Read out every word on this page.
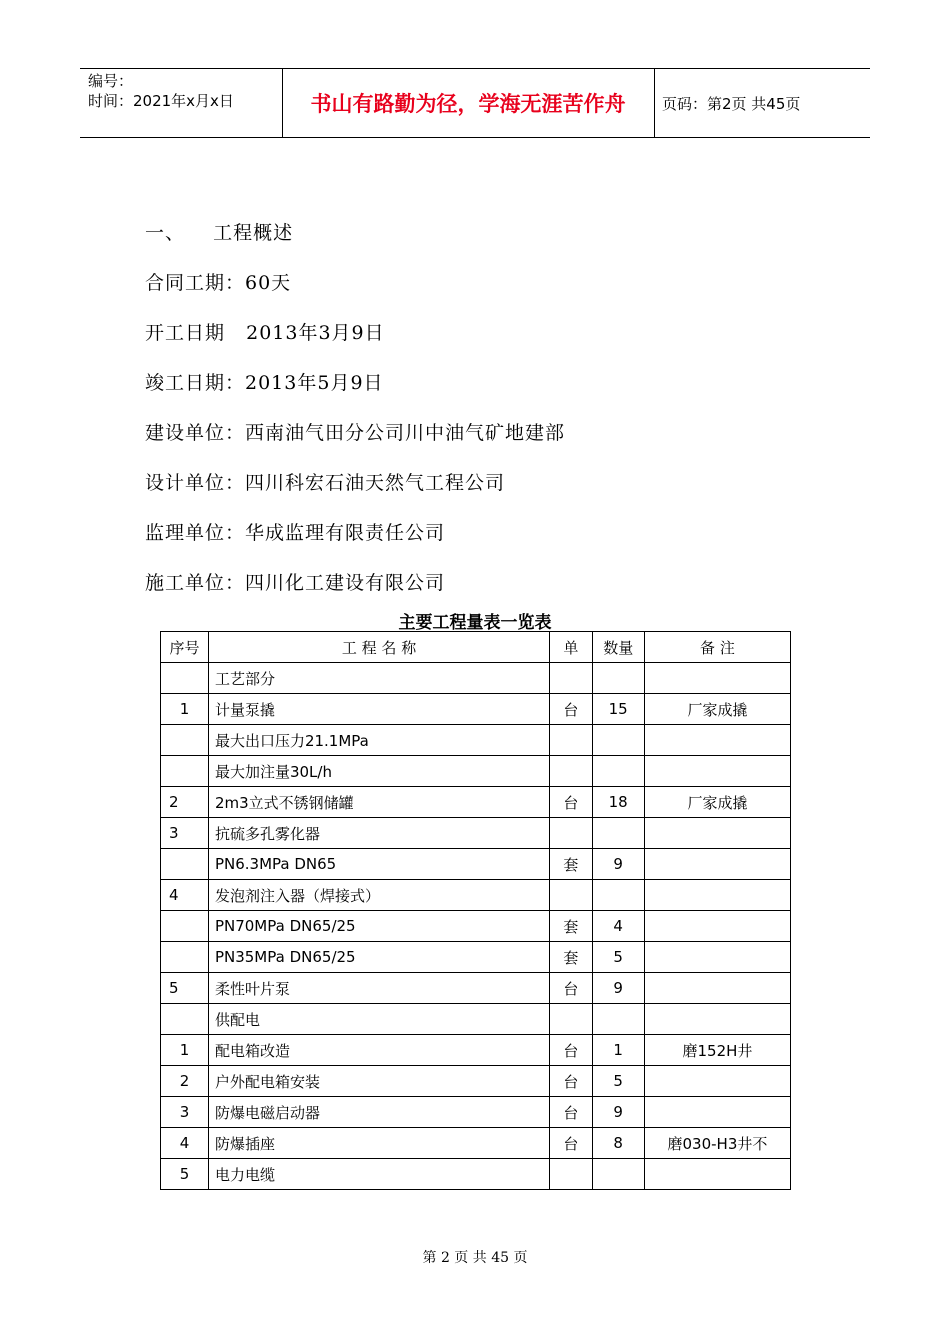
编号：
时间：2021年x月x日	书山有路勤为径，学海无涯苦作舟	页码：第2页 共45页
一、    工程概述
合同工期：60天
开工日期   2013年3月9日
竣工日期：2013年5月9日
建设单位：西南油气田分公司川中油气矿地建部
设计单位：四川科宏石油天然气工程公司
监理单位：华成监理有限责任公司
施工单位：四川化工建设有限公司
主要工程量表一览表
序号	工 程 名 称	单	数量	备 注
	工艺部分			
1	计量泵撬	台	15	厂家成撬
	最大出口压力21.1MPa			
	最大加注量30L/h			
2	2m3立式不锈钢储罐	台	18	厂家成撬
3	抗硫多孔雾化器			
	PN6.3MPa DN65	套	9	
4	发泡剂注入器（焊接式）			
	PN70MPa DN65/25	套	4	
	PN35MPa DN65/25	套	5	
5	柔性叶片泵	台	9	
	供配电			
1	配电箱改造	台	1	磨152H井
2	户外配电箱安装	台	5	
3	防爆电磁启动器	台	9	
4	防爆插座	台	8	磨030-H3井不
5	电力电缆			
第 2 页 共 45 页
